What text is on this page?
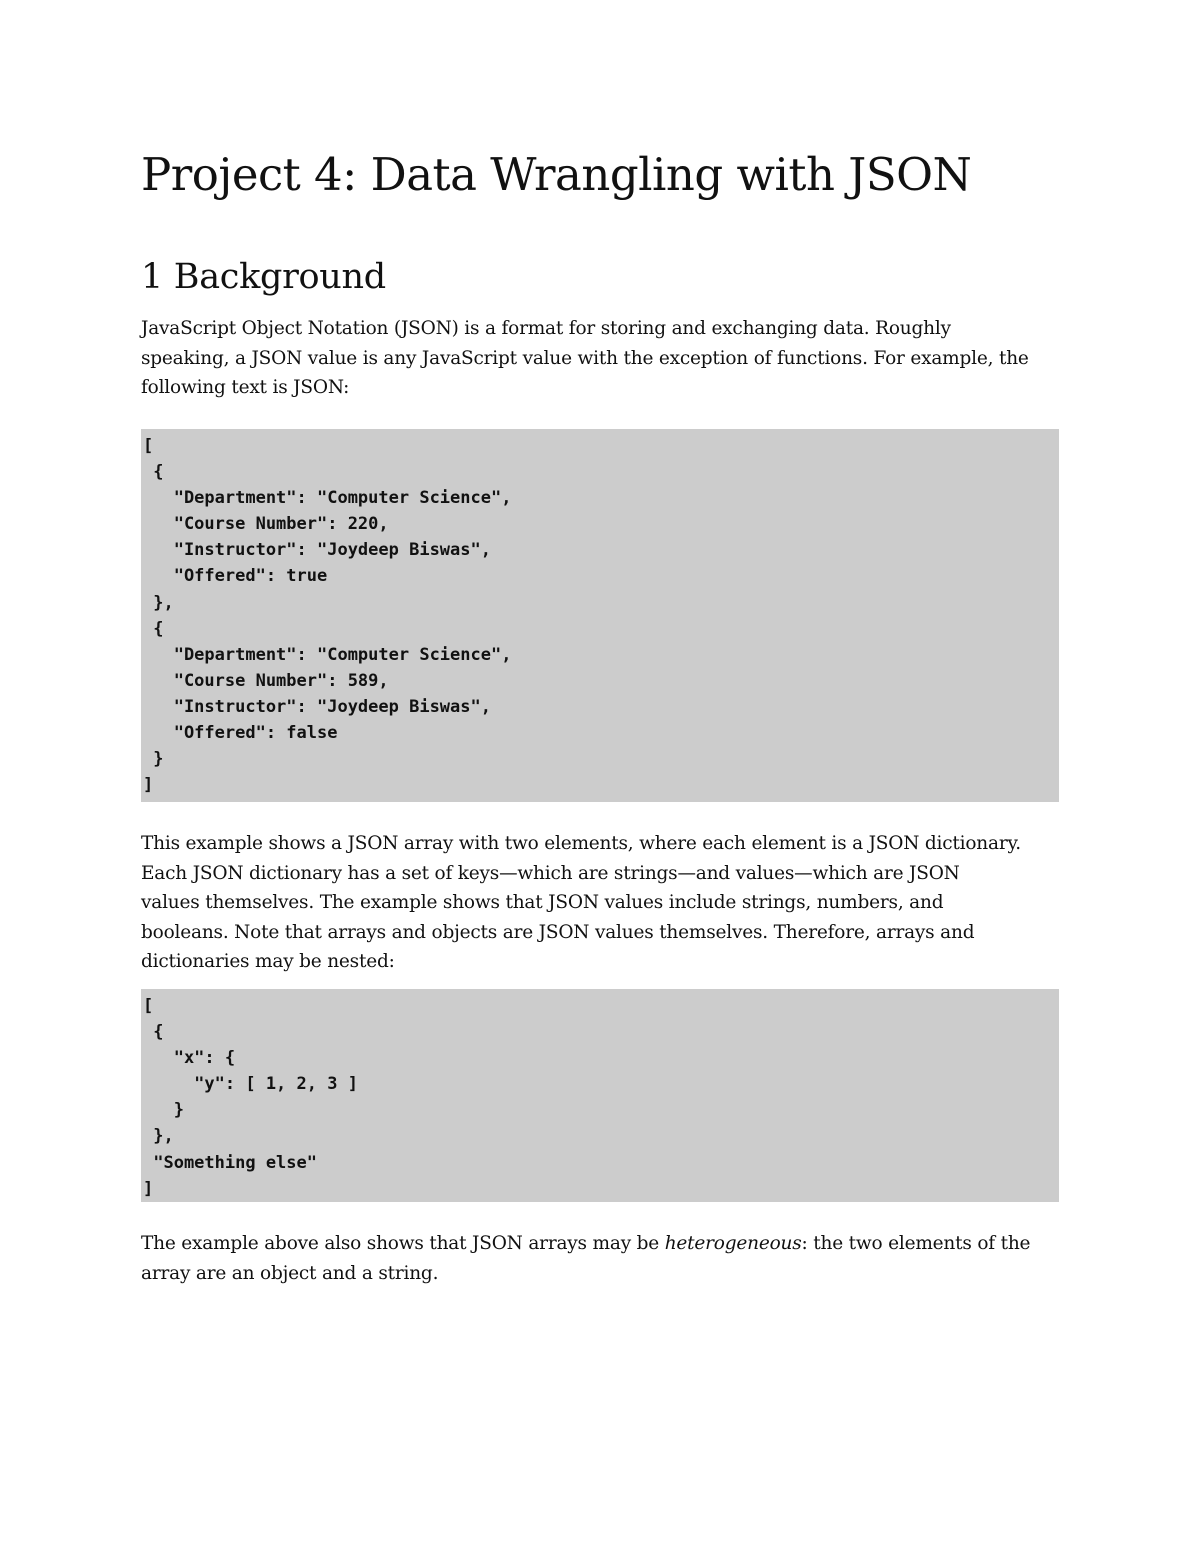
Project 4: Data Wrangling with JSON
1 Background

JavaScript Object Notation (JSON) is a format for storing and exchanging data. Roughly
speaking, a JSON value is any JavaScript value with the exception of functions. For example, the
following text is JSON:

[
{
"Department": "Computer Science",
"Course Number": 220,
"Instructor": "Joydeep Biswas",
"Offered": true
},
{
"Department": "Computer Science",
"Course Number": 589,
"Instructor": "Joydeep Biswas",
"Offered": false
}
]

This example shows a JSON array with two elements, where each element is a JSON dictionary.
Each JSON dictionary has a set of keys—which are strings—and values—which are JSON
values themselves. The example shows that JSON values include strings, numbers, and
booleans. Note that arrays and objects are JSON values themselves. Therefore, arrays and
dictionaries may be nested:

[
{
"x": {
"y": [ 1, 2, 3 ]
}
},
"Something else"
]

The example above also shows that JSON arrays may be heterogeneous: the two elements of the
array are an object and a string.
